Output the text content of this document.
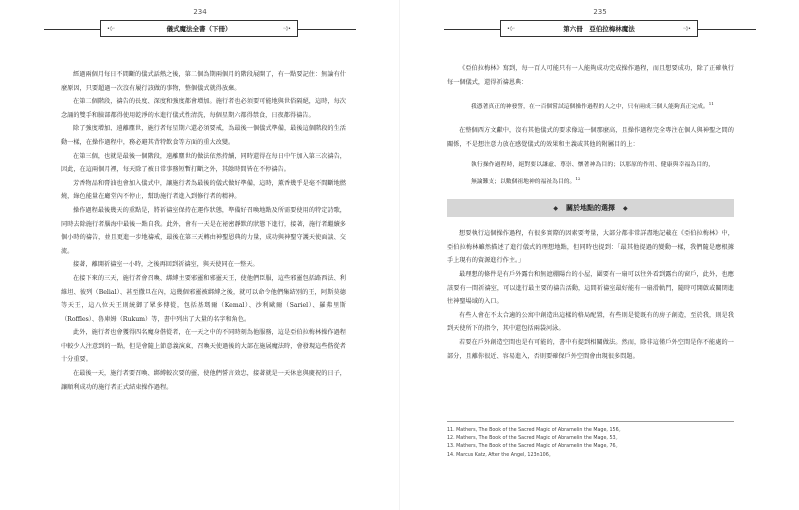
234
•◊◦	儀式魔法全書（下冊）	◦◊•

經過兩個月每日不間斷的儀式話熱之後，第二個為期兩個月的階段展開了，有一點要記住：無論有什麼原因，只要超過一次沒有履行該做的事物，整個儀式就得放棄。

在第二個階段，禱告的長度、深度和強度都會增加。施行者也必須要可能地與世俗隔絕，這時，每次念誦的雙手和臉部都得使用乾淨的水進行儀式性清洗，每個星期六都得禁食，日夜都得禱告。

除了強度增加、遠離塵世，施行者每星期六還必須要戒，為最後一個儀式準備，最後這個階段的生活動一樣，在操作過程中，務必避其背特飲食等方面的重大改變。

在第三個，也就是最後一個階段，遠離塵世的做法依然持續，同時還得在每日中午加入第三次禱告，因此，在這兩個月裡，每天除了被日常事務短暫打斷之外，其餘時間皆在不停禱告。

芳香物品和膏油也會加入儀式中，讓施行者為最後的儀式做好準備，這時，薰香幾乎是毫不間斷地燃燒，綠色能量在廳堂內不停止，幫助施行者進入到修行者的精神。

操作過程最後幾天的重點是，將祈禱室保持在運作狀態，準備好召喚地點及所需要使用的特定詩歌，同時去除施行者腦海中最後一點自我。此外，會有一天是在祕密靜默的狀態下進行，接著，施行者繼續多個小時的禱告，並且更進一步地禱戒，最後在第三天轉由神聖恩典的力量，成功與神聖守護天使面談、交流。

接著，離開祈禱室一小時，之後再回到祈禱室，與天使同在一整天。

在接下來的三天，施行者會召喚、綁縛主要邪靈和邪靈天王，使他們臣服，這些邪靈包括路西法、利維坦、彼列（Belial）、甚至撒旦在內，這幾個邪靈被綁縛之後，就可以命令他們集結別的王，阿斯莫德等天王，這八位天王則統御了眾多傳從，包括基瑪爾（Kemal）、沙利歐爾（Sariel）、羅弗里斯（Roffles）、魯庫姆（Rukum）等，書中列出了大量的名字和角色。

此外，施行者也會獲得四名魔身偕從者，在一天之中的不同時刻為他服務，這是亞伯拉梅林操作過程中較少人注意到的一點，但是會隨上節意義演東，召喚天使過後的大部在施展魔法時，會發現這些偕從者十分重要。

在最後一天，施行者要召喚、綁縛較次要的靈，使他們誓言效忠，接著就是一天休息與慶祝的日子，讓順利成功的施行者正式結束操作過程。

235
•◊◦	第六冊　亞伯拉梅林魔法	◦◊•

《亞伯拉梅林》寫到，每一百人可能只有一人能夠成功完成操作過程，而且想要成功，除了正確執行每一個儀式，還得祈禱恩典：

我憑著真正的神發誓，在一百個嘗試這個操作過程的人之中，只有兩成三個人能夠真正完成。$^{11}$

在整個西方文獻中，沒有其他儀式的要求像這一個那麼高，且操作過程完全專注在個人與神聖之間的關係，不是想注意力放在感覺儀式的效果和主義或其他的附屬目的上：

執行操作過程時，絕對要以謙虛、尊崇、懷著神為目的；以那原的作用、健康與幸福為目的，無論難支；以數個祖地神的福祉為目的。$^{12}$
◆ 關於地點的選擇 ◆

想要執行這個操作過程，有很多實際的因素要考量，大部分都非常詳盡地記載在《亞伯拉梅林》中，亞伯拉梅林雖然描述了進行儀式的理想地點，但同時也提到：「最其他提過的變動一樣，我們隨是應根據手上現有的資源進行作主。」

最理想的條件是有戶外露台和無遮棚陽台的小屋，圍要有一扇可以往外看到露台的窗戶，此外，也應該要有一間祈禱室，可以進行最主要的禱告活動，這間祈禱室最好能有一扇滑軌門，隨時可開啟或關閉進往神聖場域的入口。

有些人會在不太合適的公寓中創造出這樣的格局配置，有些則是從既有的房子創造，至於我，則是我到天使所下的指令，其中還包括兩袋河泳。

若要在戶外創造空間也是有可能的，書中有提到相關做法。然而，除非這僅戶外空間是你不能處的一部分，且離你很近、容易進入，否則要確保戶外空間會由現很多問題。

11. Mathers, The Book of the Sacred Magic of Abramelin the Mage, 156。
12. Mathers, The Book of the Sacred Magic of Abramelin the Mage, 53。
13. Mathers, The Book of the Sacred Magic of Abramelin the Mage, 76。
14. Marcus Katz, After the Angel, 123n106。
